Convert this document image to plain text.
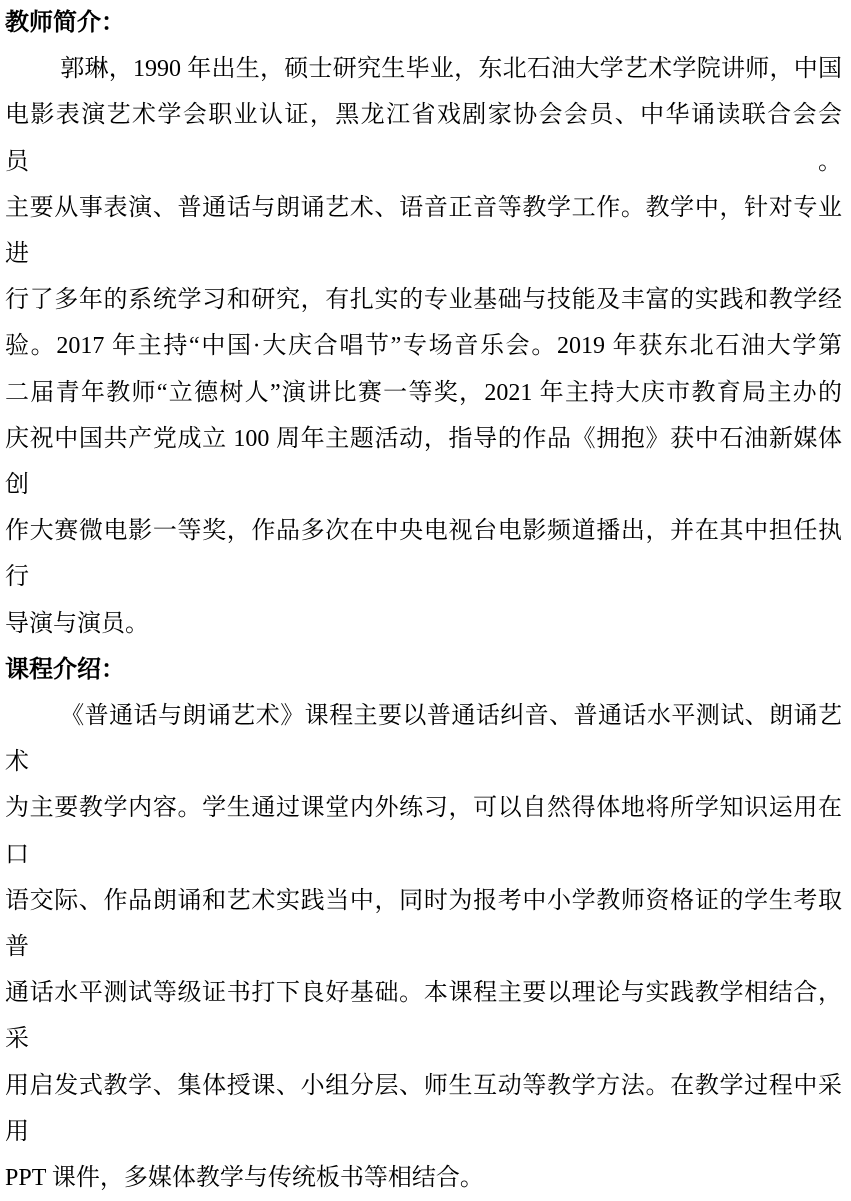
教师简介：
郭琳，1990 年出生，硕士研究生毕业，东北石油大学艺术学院讲师，中国
电影表演艺术学会职业认证，黑龙江省戏剧家协会会员、中华诵读联合会会员。
主要从事表演、普通话与朗诵艺术、语音正音等教学工作。教学中，针对专业进
行了多年的系统学习和研究，有扎实的专业基础与技能及丰富的实践和教学经
验。2017 年主持“中国·大庆合唱节”专场音乐会。2019 年获东北石油大学第
二届青年教师“立德树人”演讲比赛一等奖，2021 年主持大庆市教育局主办的
庆祝中国共产党成立 100 周年主题活动，指导的作品《拥抱》获中石油新媒体创
作大赛微电影一等奖，作品多次在中央电视台电影频道播出，并在其中担任执行
导演与演员。
课程介绍：
《普通话与朗诵艺术》课程主要以普通话纠音、普通话水平测试、朗诵艺术
为主要教学内容。学生通过课堂内外练习，可以自然得体地将所学知识运用在口
语交际、作品朗诵和艺术实践当中，同时为报考中小学教师资格证的学生考取普
通话水平测试等级证书打下良好基础。本课程主要以理论与实践教学相结合，采
用启发式教学、集体授课、小组分层、师生互动等教学方法。在教学过程中采用
PPT 课件，多媒体教学与传统板书等相结合。
